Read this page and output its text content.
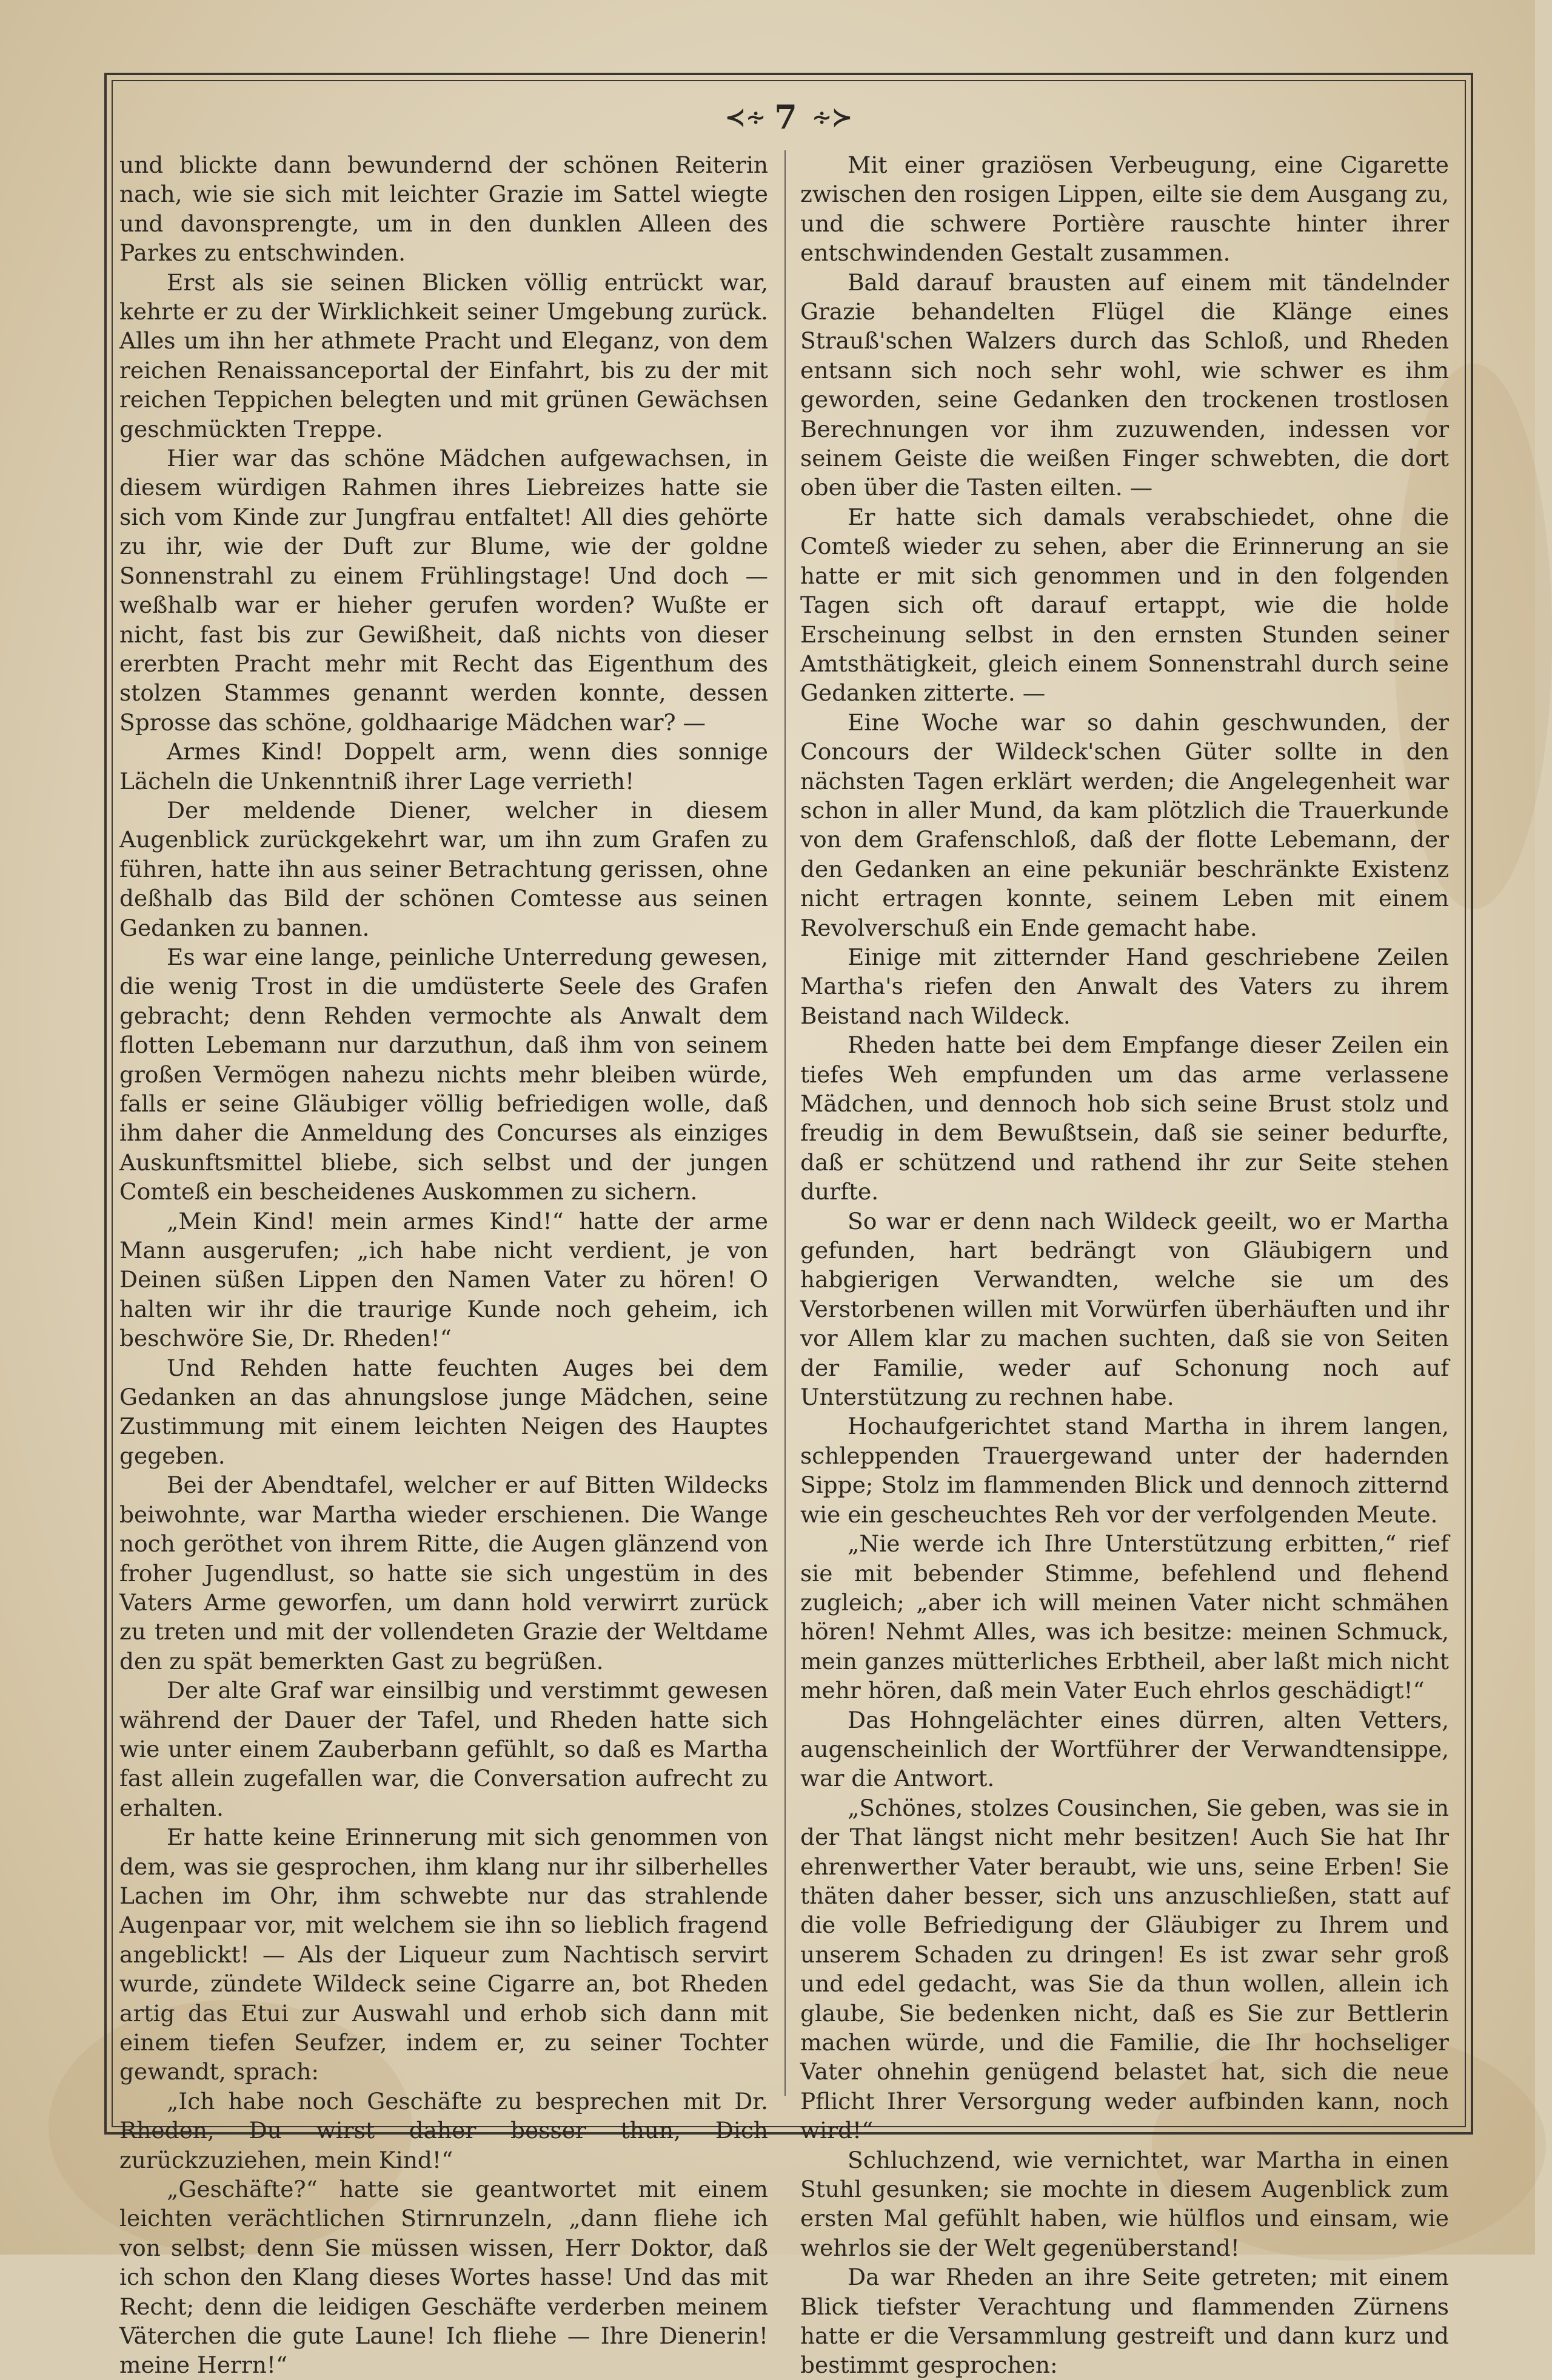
≺∻ 7 ∻≻

und blickte dann bewundernd der schönen Reiterin nach, wie sie sich mit leichter Grazie im Sattel wiegte und davonsprengte, um in den dunklen Alleen des Parkes zu entschwinden.

Erst als sie seinen Blicken völlig entrückt war, kehrte er zu der Wirklichkeit seiner Umgebung zurück. Alles um ihn her athmete Pracht und Eleganz, von dem reichen Renaissanceportal der Einfahrt, bis zu der mit reichen Teppichen belegten und mit grünen Gewächsen geschmückten Treppe.

Hier war das schöne Mädchen aufgewachsen, in diesem würdigen Rahmen ihres Liebreizes hatte sie sich vom Kinde zur Jungfrau entfaltet! All dies gehörte zu ihr, wie der Duft zur Blume, wie der goldne Sonnenstrahl zu einem Frühlingstage! Und doch — weßhalb war er hieher gerufen worden? Wußte er nicht, fast bis zur Gewißheit, daß nichts von dieser ererbten Pracht mehr mit Recht das Eigenthum des stolzen Stammes genannt werden konnte, dessen Sprosse das schöne, goldhaarige Mädchen war? —

Armes Kind! Doppelt arm, wenn dies sonnige Lächeln die Unkenntniß ihrer Lage verrieth!

Der meldende Diener, welcher in diesem Augenblick zurückgekehrt war, um ihn zum Grafen zu führen, hatte ihn aus seiner Betrachtung gerissen, ohne deßhalb das Bild der schönen Comtesse aus seinen Gedanken zu bannen.

Es war eine lange, peinliche Unterredung gewesen, die wenig Trost in die umdüsterte Seele des Grafen gebracht; denn Rehden vermochte als Anwalt dem flotten Lebemann nur darzuthun, daß ihm von seinem großen Vermögen nahezu nichts mehr bleiben würde, falls er seine Gläubiger völlig befriedigen wolle, daß ihm daher die Anmeldung des Concurses als einziges Auskunftsmittel bliebe, sich selbst und der jungen Comteß ein bescheidenes Auskommen zu sichern.

„Mein Kind! mein armes Kind!“ hatte der arme Mann ausgerufen; „ich habe nicht verdient, je von Deinen süßen Lippen den Namen Vater zu hören! O halten wir ihr die traurige Kunde noch geheim, ich beschwöre Sie, Dr. Rheden!“

Und Rehden hatte feuchten Auges bei dem Gedanken an das ahnungslose junge Mädchen, seine Zustimmung mit einem leichten Neigen des Hauptes gegeben.

Bei der Abendtafel, welcher er auf Bitten Wildecks beiwohnte, war Martha wieder erschienen. Die Wange noch geröthet von ihrem Ritte, die Augen glänzend von froher Jugendlust, so hatte sie sich ungestüm in des Vaters Arme geworfen, um dann hold verwirrt zurück zu treten und mit der vollendeten Grazie der Weltdame den zu spät bemerkten Gast zu begrüßen.

Der alte Graf war einsilbig und verstimmt gewesen während der Dauer der Tafel, und Rheden hatte sich wie unter einem Zauberbann gefühlt, so daß es Martha fast allein zugefallen war, die Conversation aufrecht zu erhalten.

Er hatte keine Erinnerung mit sich genommen von dem, was sie gesprochen, ihm klang nur ihr silberhelles Lachen im Ohr, ihm schwebte nur das strahlende Augenpaar vor, mit welchem sie ihn so lieblich fragend angeblickt! — Als der Liqueur zum Nachtisch servirt wurde, zündete Wildeck seine Cigarre an, bot Rheden artig das Etui zur Auswahl und erhob sich dann mit einem tiefen Seufzer, indem er, zu seiner Tochter gewandt, sprach:

„Ich habe noch Geschäfte zu besprechen mit Dr. Rheden, Du wirst daher besser thun, Dich zurückzuziehen, mein Kind!“

„Geschäfte?“ hatte sie geantwortet mit einem leichten verächtlichen Stirnrunzeln, „dann fliehe ich von selbst; denn Sie müssen wissen, Herr Doktor, daß ich schon den Klang dieses Wortes hasse! Und das mit Recht; denn die leidigen Geschäfte verderben meinem Väterchen die gute Laune! Ich fliehe — Ihre Dienerin! meine Herrn!“

Mit einer graziösen Verbeugung, eine Cigarette zwischen den rosigen Lippen, eilte sie dem Ausgang zu, und die schwere Portière rauschte hinter ihrer entschwindenden Gestalt zusammen.

Bald darauf brausten auf einem mit tändelnder Grazie behandelten Flügel die Klänge eines Strauß'schen Walzers durch das Schloß, und Rheden entsann sich noch sehr wohl, wie schwer es ihm geworden, seine Gedanken den trockenen trostlosen Berechnungen vor ihm zuzuwenden, indessen vor seinem Geiste die weißen Finger schwebten, die dort oben über die Tasten eilten. —

Er hatte sich damals verabschiedet, ohne die Comteß wieder zu sehen, aber die Erinnerung an sie hatte er mit sich genommen und in den folgenden Tagen sich oft darauf ertappt, wie die holde Erscheinung selbst in den ernsten Stunden seiner Amtsthätigkeit, gleich einem Sonnenstrahl durch seine Gedanken zitterte. —

Eine Woche war so dahin geschwunden, der Concours der Wildeck'schen Güter sollte in den nächsten Tagen erklärt werden; die Angelegenheit war schon in aller Mund, da kam plötzlich die Trauerkunde von dem Grafenschloß, daß der flotte Lebemann, der den Gedanken an eine pekuniär beschränkte Existenz nicht ertragen konnte, seinem Leben mit einem Revolverschuß ein Ende gemacht habe.

Einige mit zitternder Hand geschriebene Zeilen Martha's riefen den Anwalt des Vaters zu ihrem Beistand nach Wildeck.

Rheden hatte bei dem Empfange dieser Zeilen ein tiefes Weh empfunden um das arme verlassene Mädchen, und dennoch hob sich seine Brust stolz und freudig in dem Bewußtsein, daß sie seiner bedurfte, daß er schützend und rathend ihr zur Seite stehen durfte.

So war er denn nach Wildeck geeilt, wo er Martha gefunden, hart bedrängt von Gläubigern und habgierigen Verwandten, welche sie um des Verstorbenen willen mit Vorwürfen überhäuften und ihr vor Allem klar zu machen suchten, daß sie von Seiten der Familie, weder auf Schonung noch auf Unterstützung zu rechnen habe.

Hochaufgerichtet stand Martha in ihrem langen, schleppenden Trauergewand unter der hadernden Sippe; Stolz im flammenden Blick und dennoch zitternd wie ein gescheuchtes Reh vor der verfolgenden Meute.

„Nie werde ich Ihre Unterstützung erbitten,“ rief sie mit bebender Stimme, befehlend und flehend zugleich; „aber ich will meinen Vater nicht schmähen hören! Nehmt Alles, was ich besitze: meinen Schmuck, mein ganzes mütterliches Erbtheil, aber laßt mich nicht mehr hören, daß mein Vater Euch ehrlos geschädigt!“

Das Hohngelächter eines dürren, alten Vetters, augenscheinlich der Wortführer der Verwandtensippe, war die Antwort.

„Schönes, stolzes Cousinchen, Sie geben, was sie in der That längst nicht mehr besitzen! Auch Sie hat Ihr ehrenwerther Vater beraubt, wie uns, seine Erben! Sie thäten daher besser, sich uns anzuschließen, statt auf die volle Befriedigung der Gläubiger zu Ihrem und unserem Schaden zu dringen! Es ist zwar sehr groß und edel gedacht, was Sie da thun wollen, allein ich glaube, Sie bedenken nicht, daß es Sie zur Bettlerin machen würde, und die Familie, die Ihr hochseliger Vater ohnehin genügend belastet hat, sich die neue Pflicht Ihrer Versorgung weder aufbinden kann, noch wird!“

Schluchzend, wie vernichtet, war Martha in einen Stuhl gesunken; sie mochte in diesem Augenblick zum ersten Mal gefühlt haben, wie hülflos und einsam, wie wehrlos sie der Welt gegenüberstand!

Da war Rheden an ihre Seite getreten; mit einem Blick tiefster Verachtung und flammenden Zürnens hatte er die Versammlung gestreift und dann kurz und bestimmt gesprochen:
